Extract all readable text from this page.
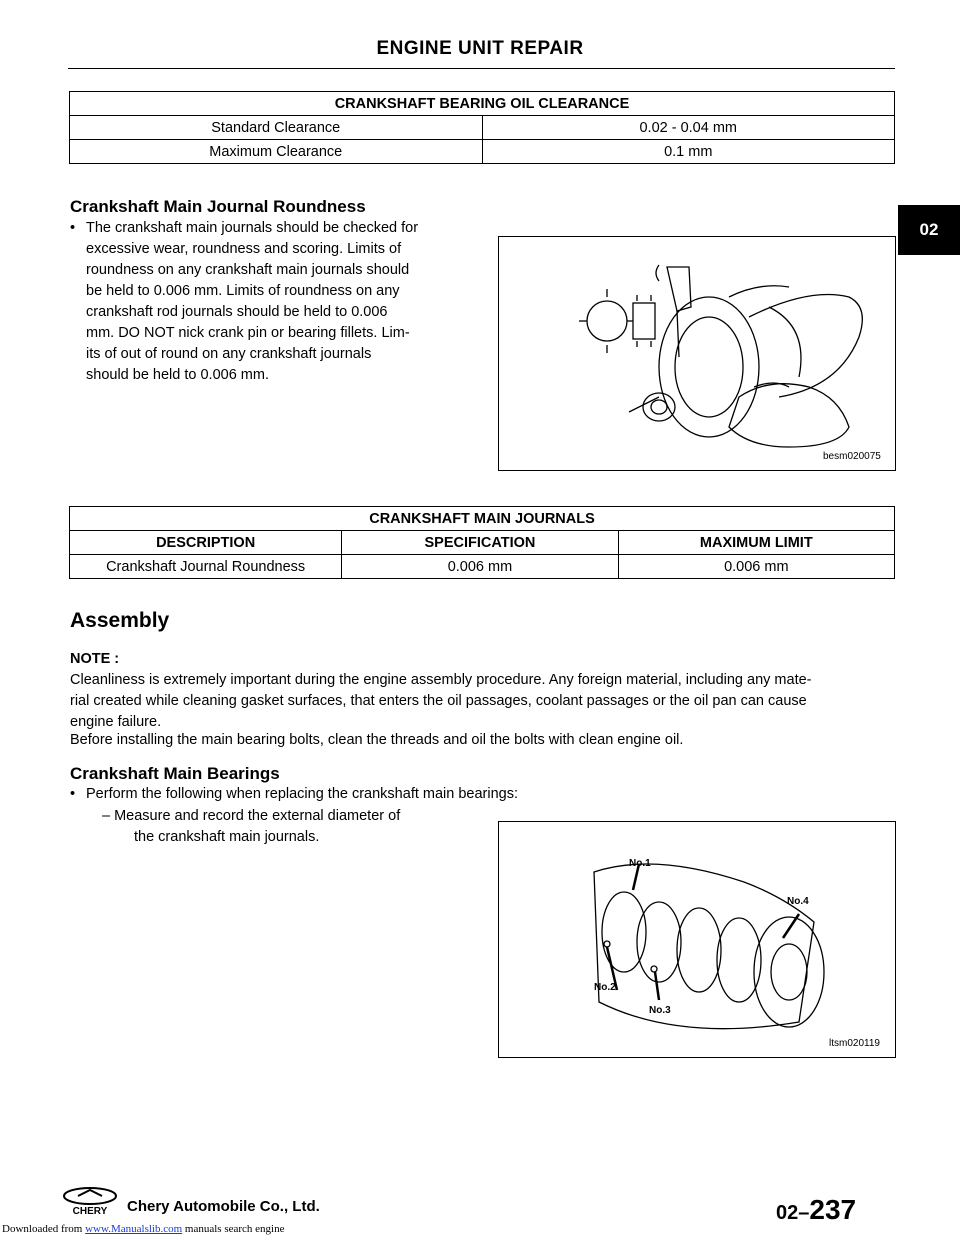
ENGINE UNIT REPAIR
02
CRANKSHAFT BEARING OIL CLEARANCE	
Standard Clearance	0.02 - 0.04 mm
Maximum Clearance	0.1 mm
Crankshaft Main Journal Roundness
• The crankshaft main journals should be checked for
excessive wear, roundness and scoring. Limits of
roundness on any crankshaft main journals should
be held to 0.006 mm. Limits of roundness on any
crankshaft rod journals should be held to 0.006
mm. DO NOT nick crank pin or bearing fillets. Lim-
its of out of round on any crankshaft journals
should be held to 0.006 mm.
besm020075
CRANKSHAFT MAIN JOURNALS		
DESCRIPTION	SPECIFICATION	MAXIMUM LIMIT
Crankshaft Journal Roundness	0.006 mm	0.006 mm
Assembly
NOTE :
Cleanliness is extremely important during the engine assembly procedure. Any foreign material, including any mate-
rial created while cleaning gasket surfaces, that enters the oil passages, coolant passages or the oil pan can cause
engine failure.
Before installing the main bearing bolts, clean the threads and oil the bolts with clean engine oil.
Crankshaft Main Bearings
• Perform the following when replacing the crankshaft main bearings:
– Measure and record the external diameter of
the crankshaft main journals.
No.1
No.2
No.3
No.4
ltsm020119
CHERY Chery Automobile Co., Ltd.	02–237
Downloaded from www.Manualslib.com manuals search engine
